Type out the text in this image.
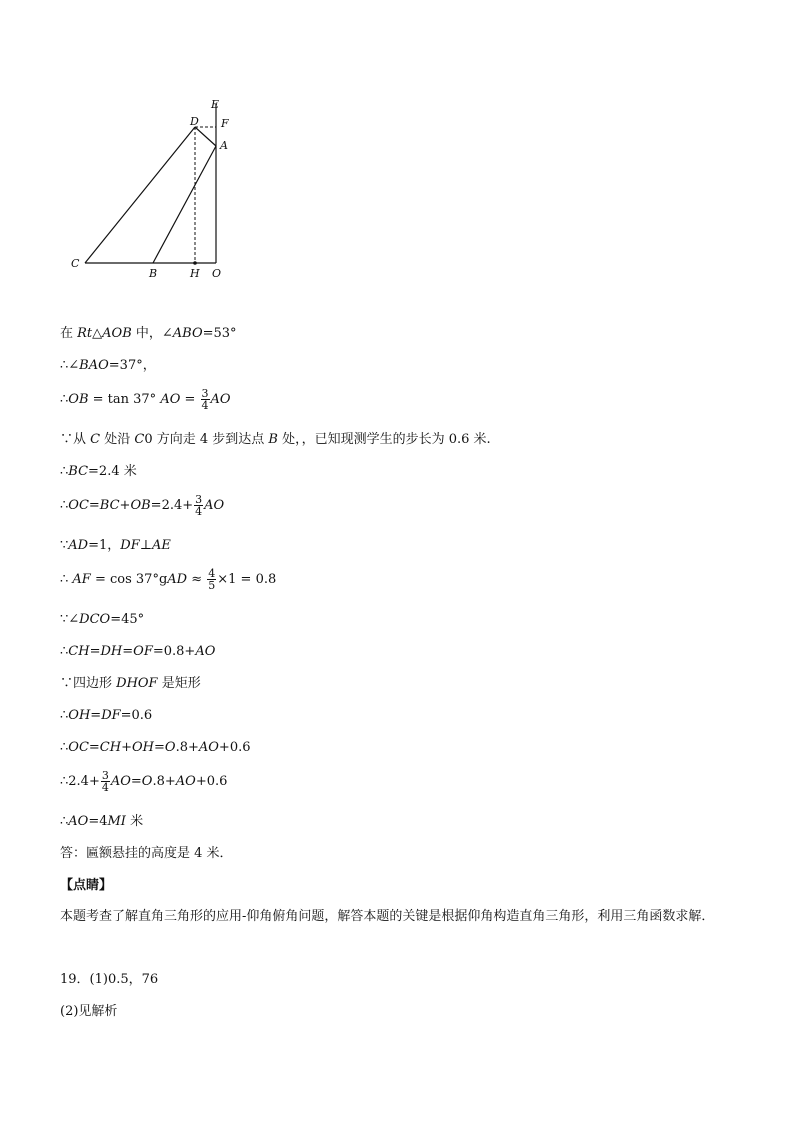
E
D F
A
C
B	H O
在 Rt△AOB 中，∠ABO=53°
∴∠BAO=37°，
∴OB = tan 37° AO = $\frac{3}{4}$ AO
∵从 C 处沿 C0 方向走 4 步到达点 B 处，，已知现测学生的步长为 0.6 米.
∴BC=2.4 米
∴OC=BC+OB=2.4+ $\frac{3}{4}$ AO
∵AD=1，DF⊥AE
∴ AF = $\cos 37^\circ gAD \approx \frac{4}{5} \times 1 = 0.8$
∵∠DCO=45°
∴CH=DH=OF=0.8+AO
∵四边形 DHOF 是矩形
∴OH=DF=0.6
∴OC=CH+OH=O.8+AO+0.6
∴2.4+ $\frac{3}{4} AO=O.8+AO+0.6$
∴AO=4MI 米
答：匾额悬挂的高度是 4 米．
【点睛】
本题考查了解直角三角形的应用-仰角俯角问题，解答本题的关键是根据仰角构造直角三角形，利用三角函数求解．
19．(1)0.5，76
(2)见解析
